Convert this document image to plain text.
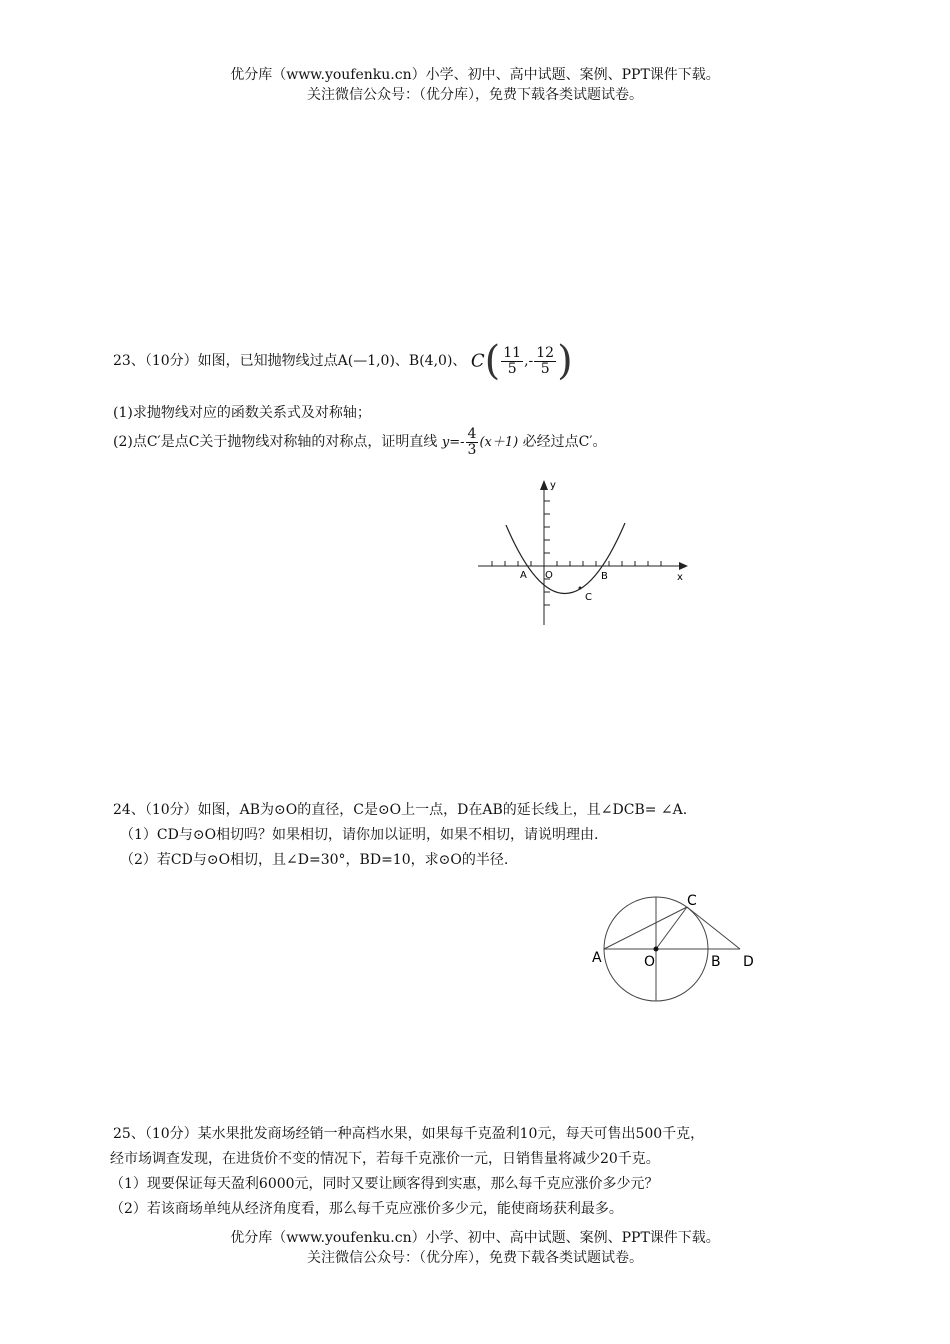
优分库（www.youfenku.cn）小学、初中、高中试题、案例、PPT课件下载。
关注微信公众号：（优分库），免费下载各类试题试卷。
23、（10分）如图，已知抛物线过点A(—1,0)、B(4,0)、 $C( \frac{11}{5}$ ,- $\frac{12}{5}$ )
(1)求抛物线对应的函数关系式及对称轴；
(2)点C′是点C关于抛物线对称轴的对称点，证明直线 $y=- \frac{4}{3} (x+1)$ 必经过点C′。
y
x
A O	B
C
24、（10分）如图，AB为⊙O的直径，C是⊙O上一点，D在AB的延长线上，且∠DCB= ∠A.
（1）CD与⊙O相切吗？如果相切，请你加以证明，如果不相切，请说明理由.
（2）若CD与⊙O相切，且∠D=30°，BD=10，求⊙O的半径.
A	O	B
C
D
25、（10分）某水果批发商场经销一种高档水果，如果每千克盈利10元，每天可售出500千克，
经市场调查发现，在进货价不变的情况下，若每千克涨价一元，日销售量将减少20千克。
（1）现要保证每天盈利6000元，同时又要让顾客得到实惠，那么每千克应涨价多少元？
（2）若该商场单纯从经济角度看，那么每千克应涨价多少元，能使商场获利最多。
优分库（www.youfenku.cn）小学、初中、高中试题、案例、PPT课件下载。
关注微信公众号：（优分库），免费下载各类试题试卷。
